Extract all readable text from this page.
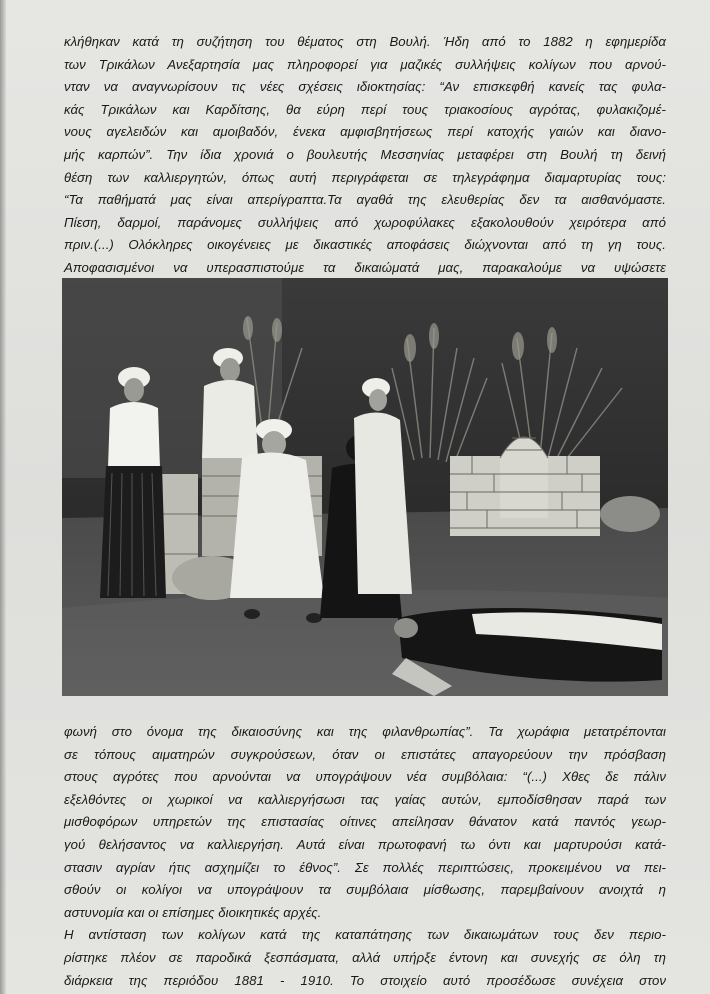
κλήθηκαν κατά τη συζήτηση του θέματος στη Βουλή. Ήδη από το 1882 η εφημερίδα
των Τρικάλων Ανεξαρτησία μας πληροφορεί για μαζικές συλλήψεις κολίγων που αρνού-
νταν να αναγνωρίσουν τις νέες σχέσεις ιδιοκτησίας: “Αν επισκεφθή κανείς τας φυλα-
κάς Τρικάλων και Καρδίτσης, θα εύρη περί τους τριακοσίους αγρότας, φυλακιζομέ-
νους αγελειδών και αμοιβαδόν, ένεκα αμφισβητήσεως περί κατοχής γαιών και διανο-
μής καρπών”. Την ίδια χρονιά ο βουλευτής Μεσσηνίας μεταφέρει στη Βουλή τη δεινή
θέση των καλλιεργητών, όπως αυτή περιγράφεται σε τηλεγράφημα διαμαρτυρίας τους:
“Τα παθήματά μας είναι απερίγραπτα.Τα αγαθά της ελευθερίας δεν τα αισθανόμαστε.
Πίεση, δαρμοί, παράνομες συλλήψεις από χωροφύλακες εξακολουθούν χειρότερα από
πριν.(...) Ολόκληρες οικογένειες με δικαστικές αποφάσεις διώχνονται από τη γη τους.
Αποφασισμένοι να υπερασπιστούμε τα δικαιώματά μας, παρακαλούμε να υψώσετε
φωνή στο όνομα της δικαιοσύνης και της φιλανθρωπίας”. Τα χωράφια μετατρέπονται
σε τόπους αιματηρών συγκρούσεων, όταν οι επιστάτες απαγορεύουν την πρόσβαση
στους αγρότες που αρνούνται να υπογράψουν νέα συμβόλαια: “(...) Χθες δε πάλιν
εξελθόντες οι χωρικοί να καλλιεργήσωσι τας γαίας αυτών, εμποδίσθησαν παρά των
μισθοφόρων υπηρετών της επιστασίας οίτινες απείλησαν θάνατον κατά παντός γεωρ-
γού θελήσαντος να καλλιεργήση. Αυτά είναι πρωτοφανή τω όντι και μαρτυρούσι κατά-
στασιν αγρίαν ήτις ασχημίζει το έθνος”. Σε πολλές περιπτώσεις, προκειμένου να πει-
σθούν οι κολίγοι να υπογράψουν τα συμβόλαια μίσθωσης, παρεμβαίνουν ανοιχτά η
αστυνομία και οι επίσημες διοικητικές αρχές.
Η αντίσταση των κολίγων κατά της καταπάτησης των δικαιωμάτων τους δεν περιο-
ρίστηκε πλέον σε παροδικά ξεσπάσματα, αλλά υπήρξε έντονη και συνεχής σε όλη τη
διάρκεια της περιόδου 1881 - 1910. Το στοιχείο αυτό προσέδωσε συνέχεια στον
